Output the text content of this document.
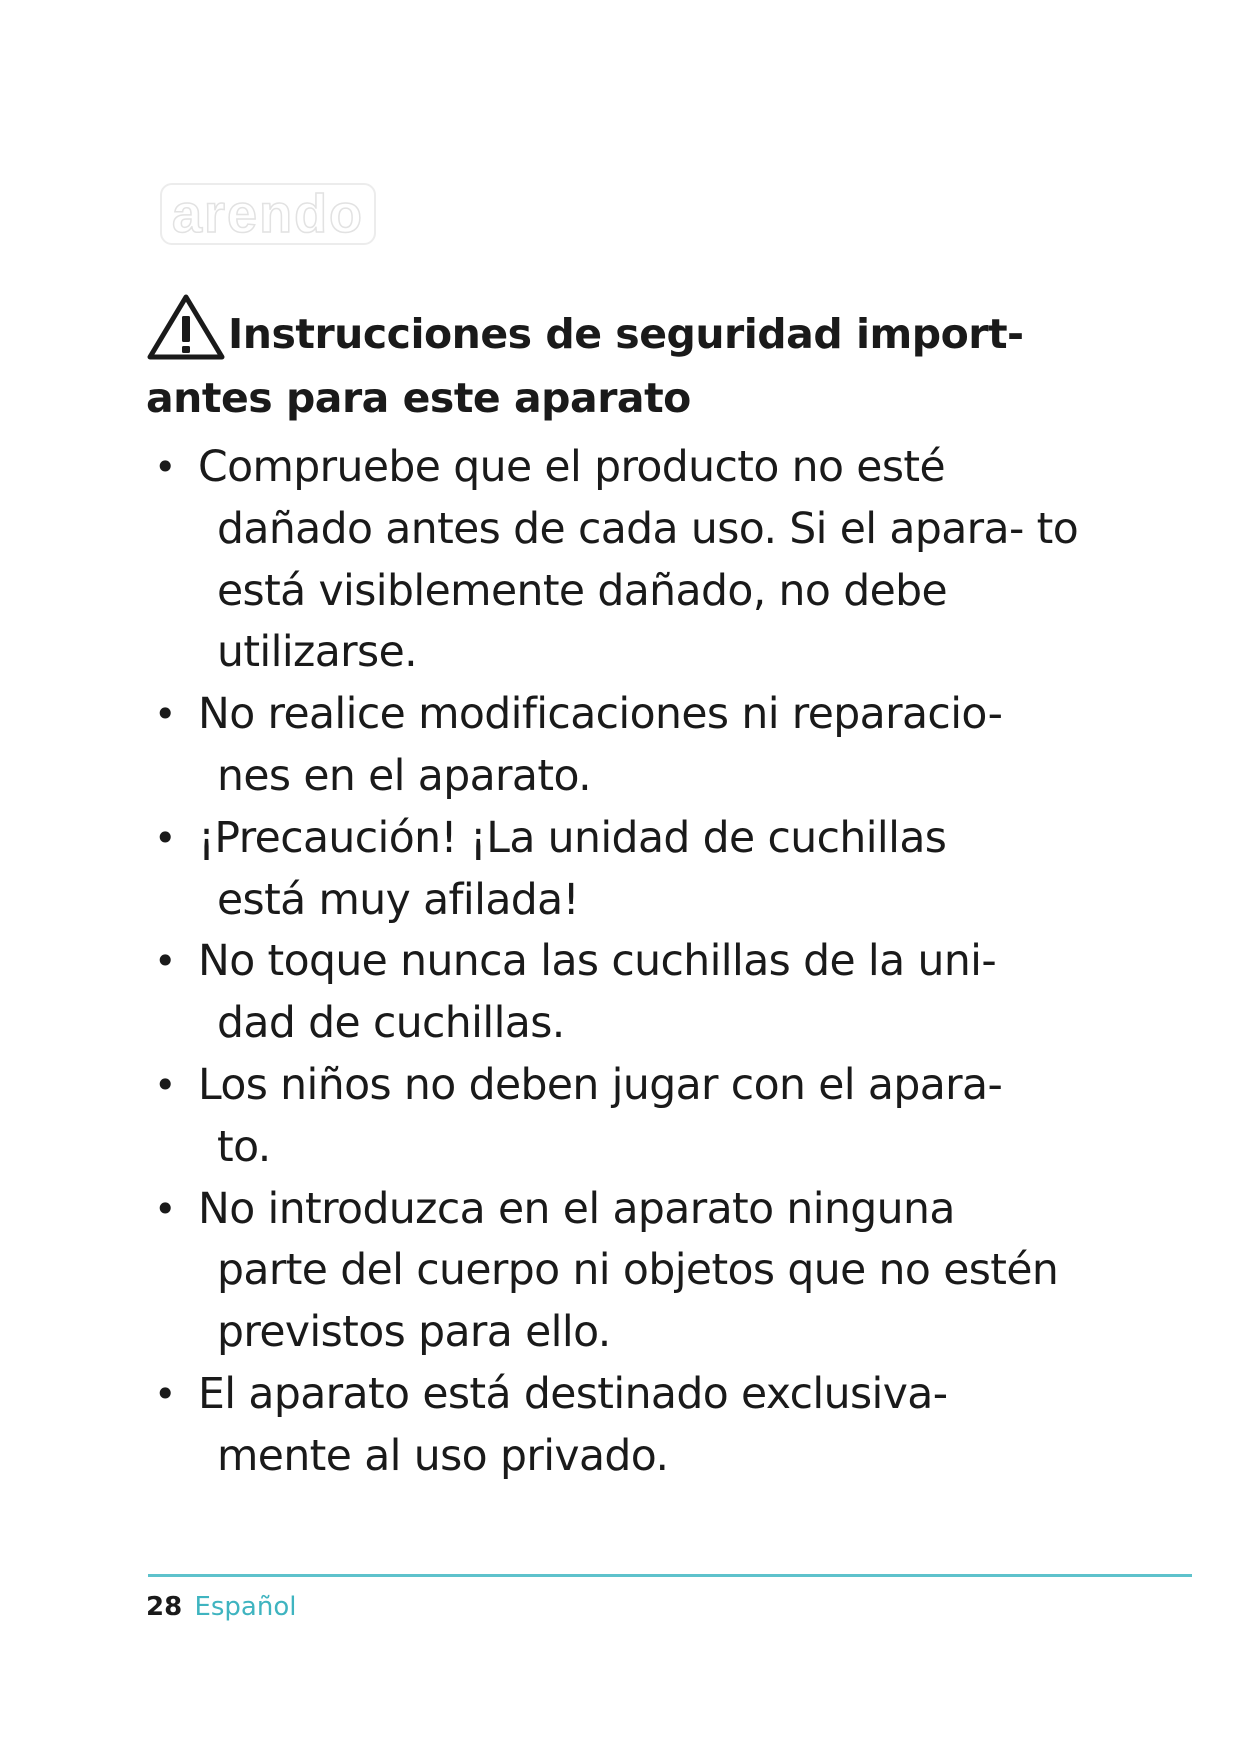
arendo
Instrucciones de seguridad import-
antes para este aparato
• Compruebe que el producto no esté
dañado antes de cada uso. Si el apara- to está visiblemente dañado, no debe utilizarse.
• No realice modificaciones ni reparacio-
nes en el aparato.
• ¡Precaución! ¡La unidad de cuchillas
está muy afilada!
• No toque nunca las cuchillas de la uni-
dad de cuchillas.
• Los niños no deben jugar con el apara-
to.
• No introduzca en el aparato ninguna
parte del cuerpo ni objetos que no estén previstos para ello.
• El aparato está destinado exclusiva-
mente al uso privado.
28 Español
